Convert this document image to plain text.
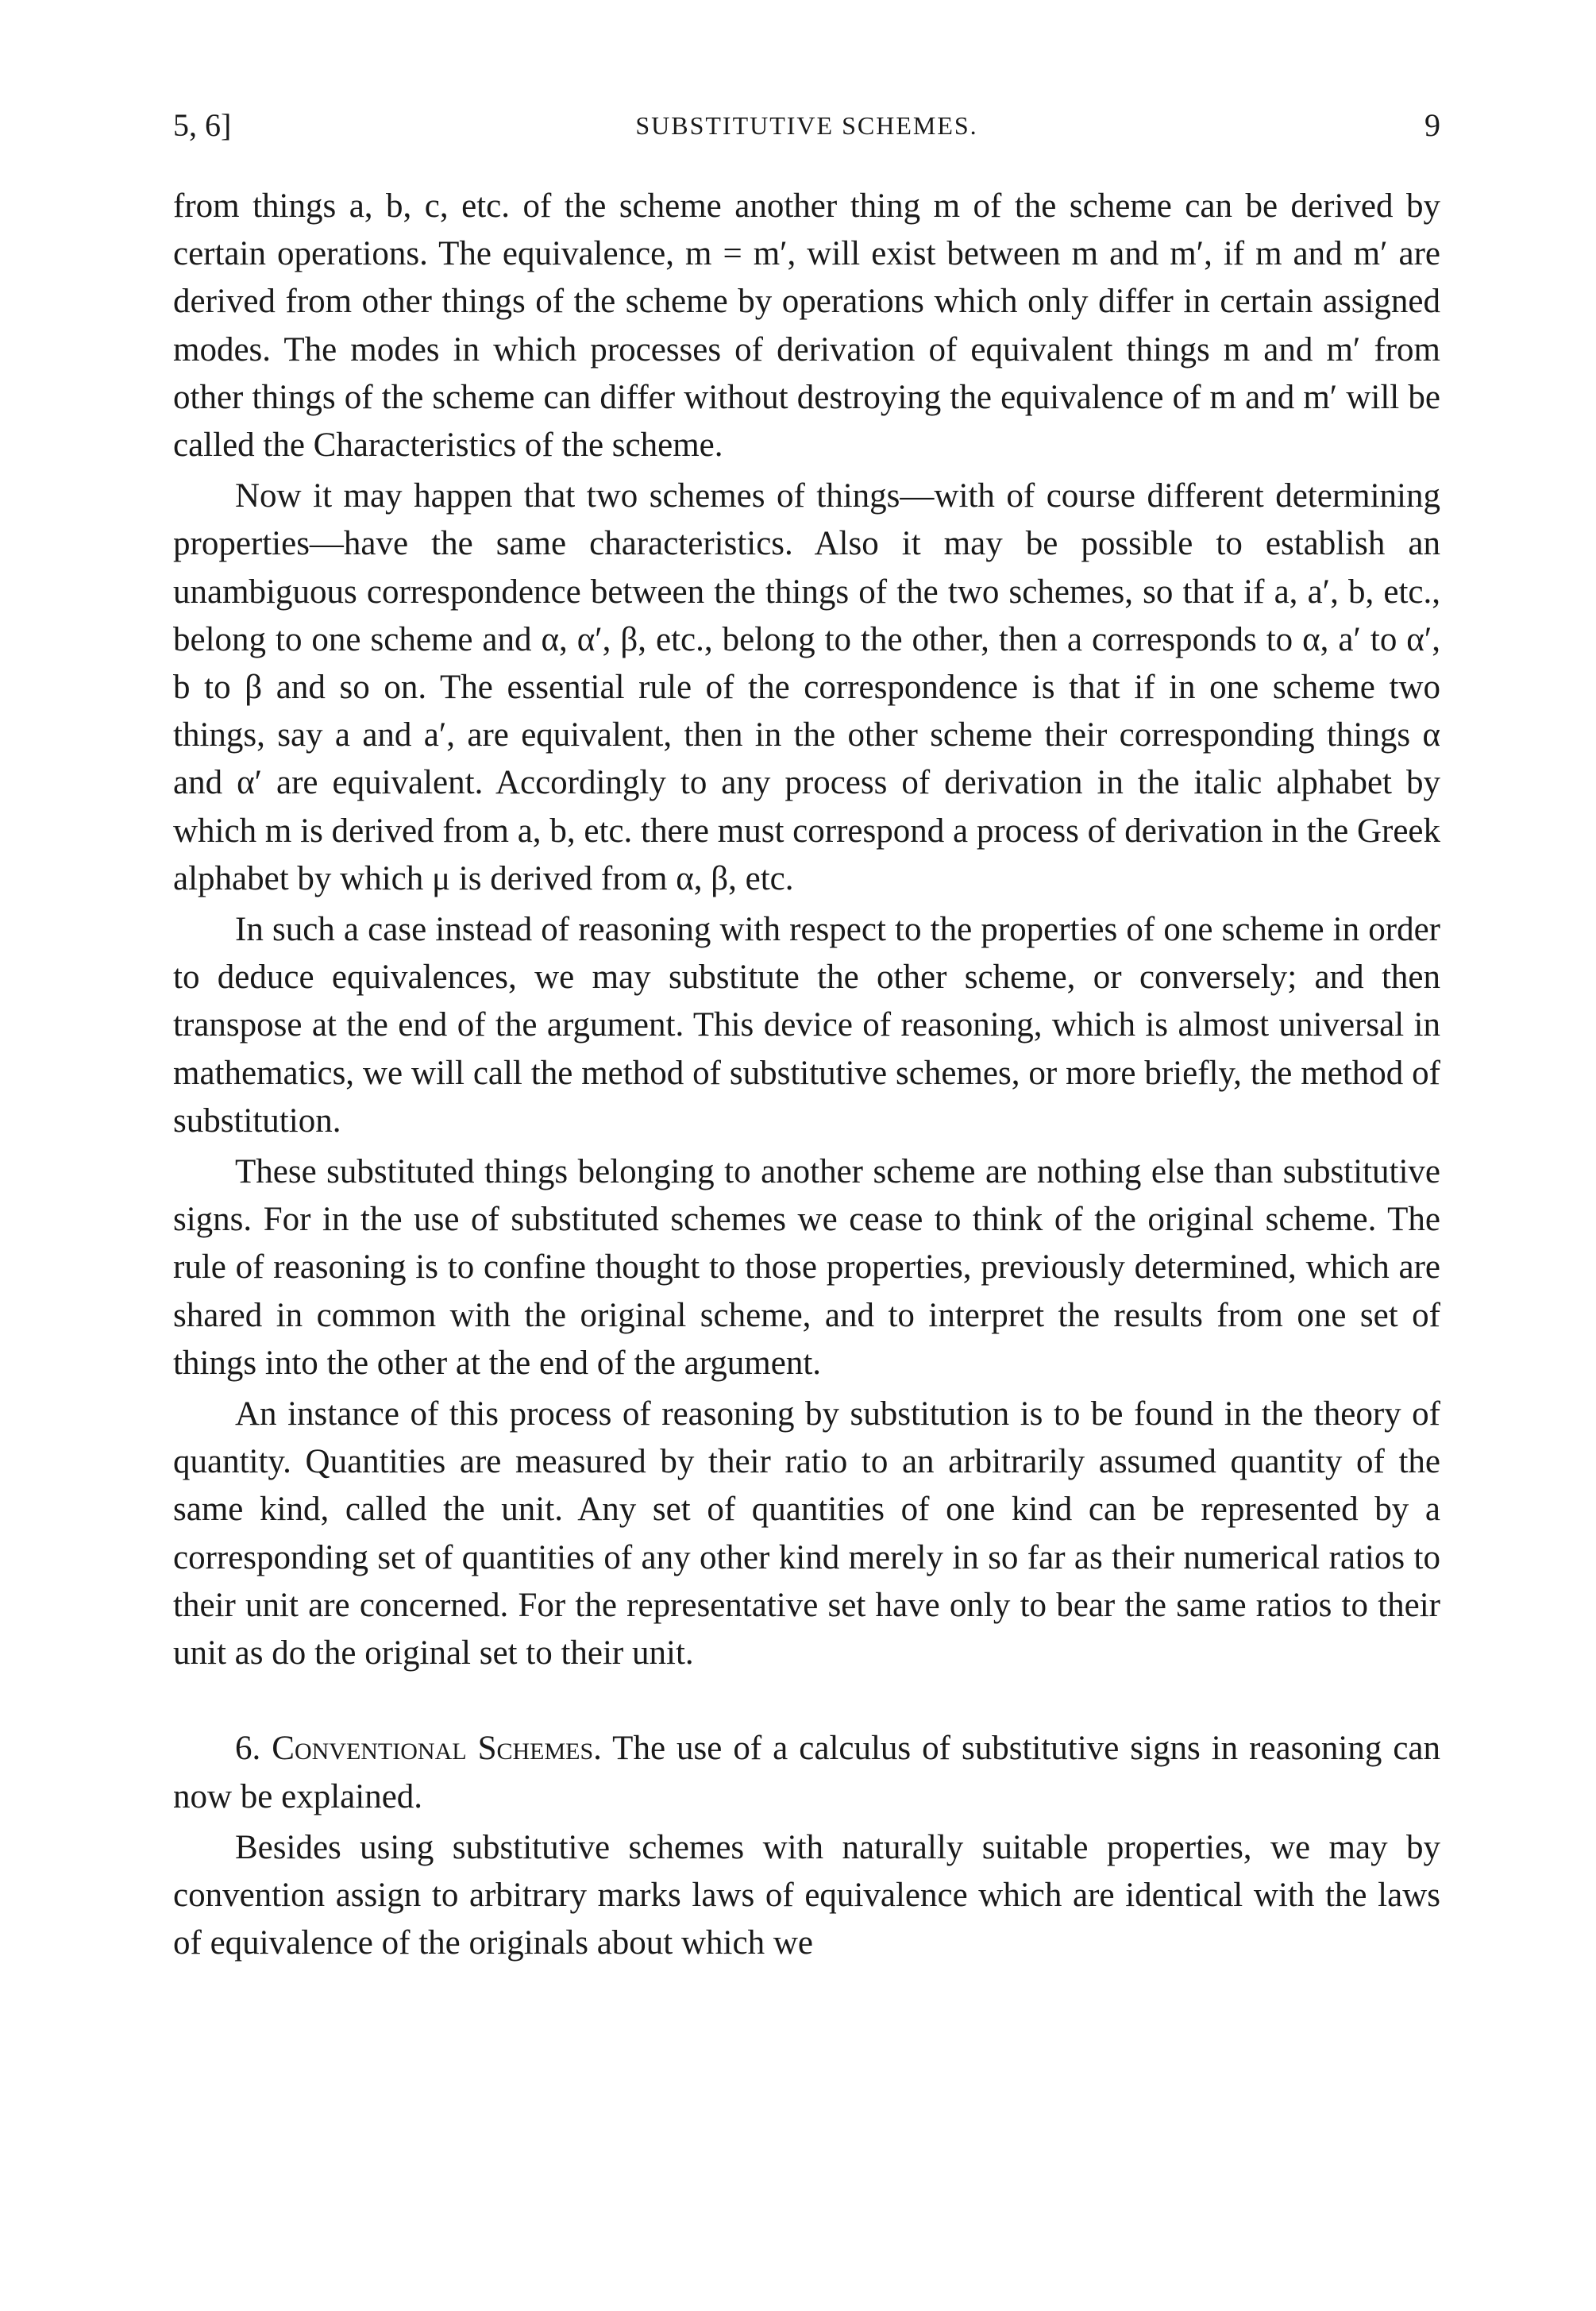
5, 6]	SUBSTITUTIVE SCHEMES.	9

from things a, b, c, etc. of the scheme another thing m of the scheme can be derived by certain operations. The equivalence, m = m′, will exist between m and m′, if m and m′ are derived from other things of the scheme by operations which only differ in certain assigned modes. The modes in which processes of derivation of equivalent things m and m′ from other things of the scheme can differ without destroying the equivalence of m and m′ will be called the Characteristics of the scheme.

Now it may happen that two schemes of things—with of course different determining properties—have the same characteristics. Also it may be possible to establish an unambiguous correspondence between the things of the two schemes, so that if a, a′, b, etc., belong to one scheme and α, α′, β, etc., belong to the other, then a corresponds to α, a′ to α′, b to β and so on. The essential rule of the correspondence is that if in one scheme two things, say a and a′, are equivalent, then in the other scheme their corresponding things α and α′ are equivalent. Accordingly to any process of derivation in the italic alphabet by which m is derived from a, b, etc. there must correspond a process of derivation in the Greek alphabet by which μ is derived from α, β, etc.

In such a case instead of reasoning with respect to the properties of one scheme in order to deduce equivalences, we may substitute the other scheme, or conversely; and then transpose at the end of the argument. This device of reasoning, which is almost universal in mathematics, we will call the method of substitutive schemes, or more briefly, the method of substitution.

These substituted things belonging to another scheme are nothing else than substitutive signs. For in the use of substituted schemes we cease to think of the original scheme. The rule of reasoning is to confine thought to those properties, previously determined, which are shared in common with the original scheme, and to interpret the results from one set of things into the other at the end of the argument.

An instance of this process of reasoning by substitution is to be found in the theory of quantity. Quantities are measured by their ratio to an arbitrarily assumed quantity of the same kind, called the unit. Any set of quantities of one kind can be represented by a corresponding set of quantities of any other kind merely in so far as their numerical ratios to their unit are concerned. For the representative set have only to bear the same ratios to their unit as do the original set to their unit.

6. Conventional Schemes. The use of a calculus of substitutive signs in reasoning can now be explained.

Besides using substitutive schemes with naturally suitable properties, we may by convention assign to arbitrary marks laws of equivalence which are identical with the laws of equivalence of the originals about which we
